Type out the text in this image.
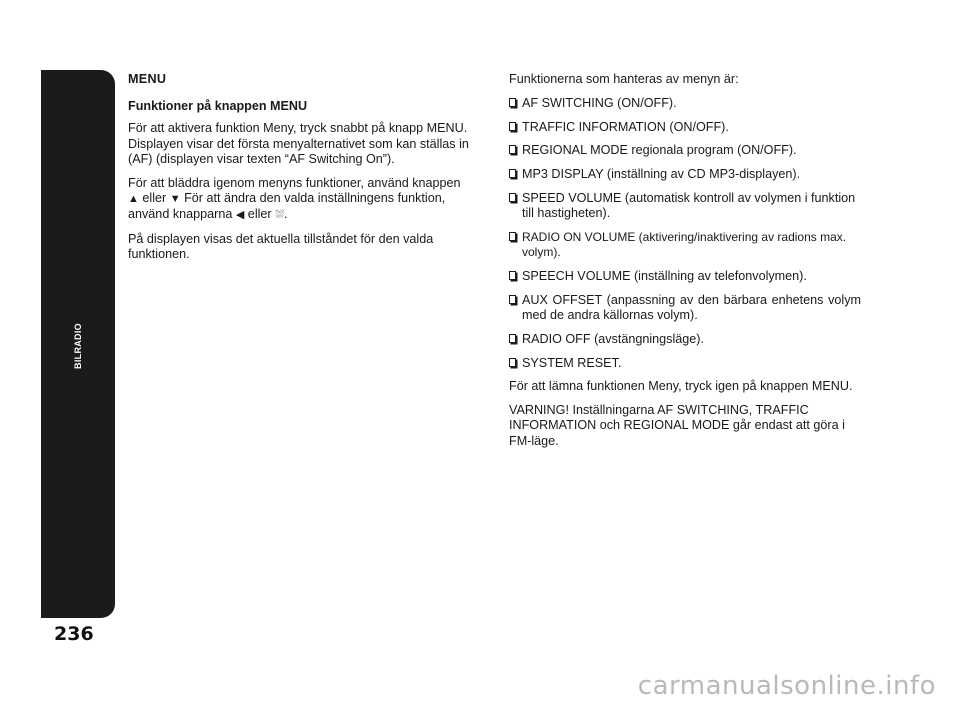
BILRADIO
236

MENU

Funktioner på knappen MENU

För att aktivera funktion Meny, tryck snabbt på knapp MENU. Displayen visar det första menyalternativet som kan ställas in (AF) (displayen visar texten “AF Switching On”).

För att bläddra igenom menyns funktioner, använd knappen ▲ eller ▼ För att ändra den valda inställningens funktion, använd knapparna ◀ eller ⛆.

På displayen visas det aktuella tillståndet för den valda funktionen.

Funktionerna som hanteras av menyn är:

AF SWITCHING (ON/OFF).
TRAFFIC INFORMATION (ON/OFF).
REGIONAL MODE regionala program (ON/OFF).
MP3 DISPLAY (inställning av CD MP3-displayen).
SPEED VOLUME (automatisk kontroll av volymen i funktion till hastigheten).
RADIO ON VOLUME (aktivering/inaktivering av radions max. volym).
SPEECH VOLUME (inställning av telefonvolymen).
AUX OFFSET (anpassning av den bärbara enhetens volym med de andra källornas volym).
RADIO OFF (avstängningsläge).
SYSTEM RESET.

För att lämna funktionen Meny, tryck igen på knappen MENU.

VARNING! Inställningarna AF SWITCHING, TRAFFIC INFORMATION och REGIONAL MODE går endast att göra i FM-läge.

carmanualsonline.info
